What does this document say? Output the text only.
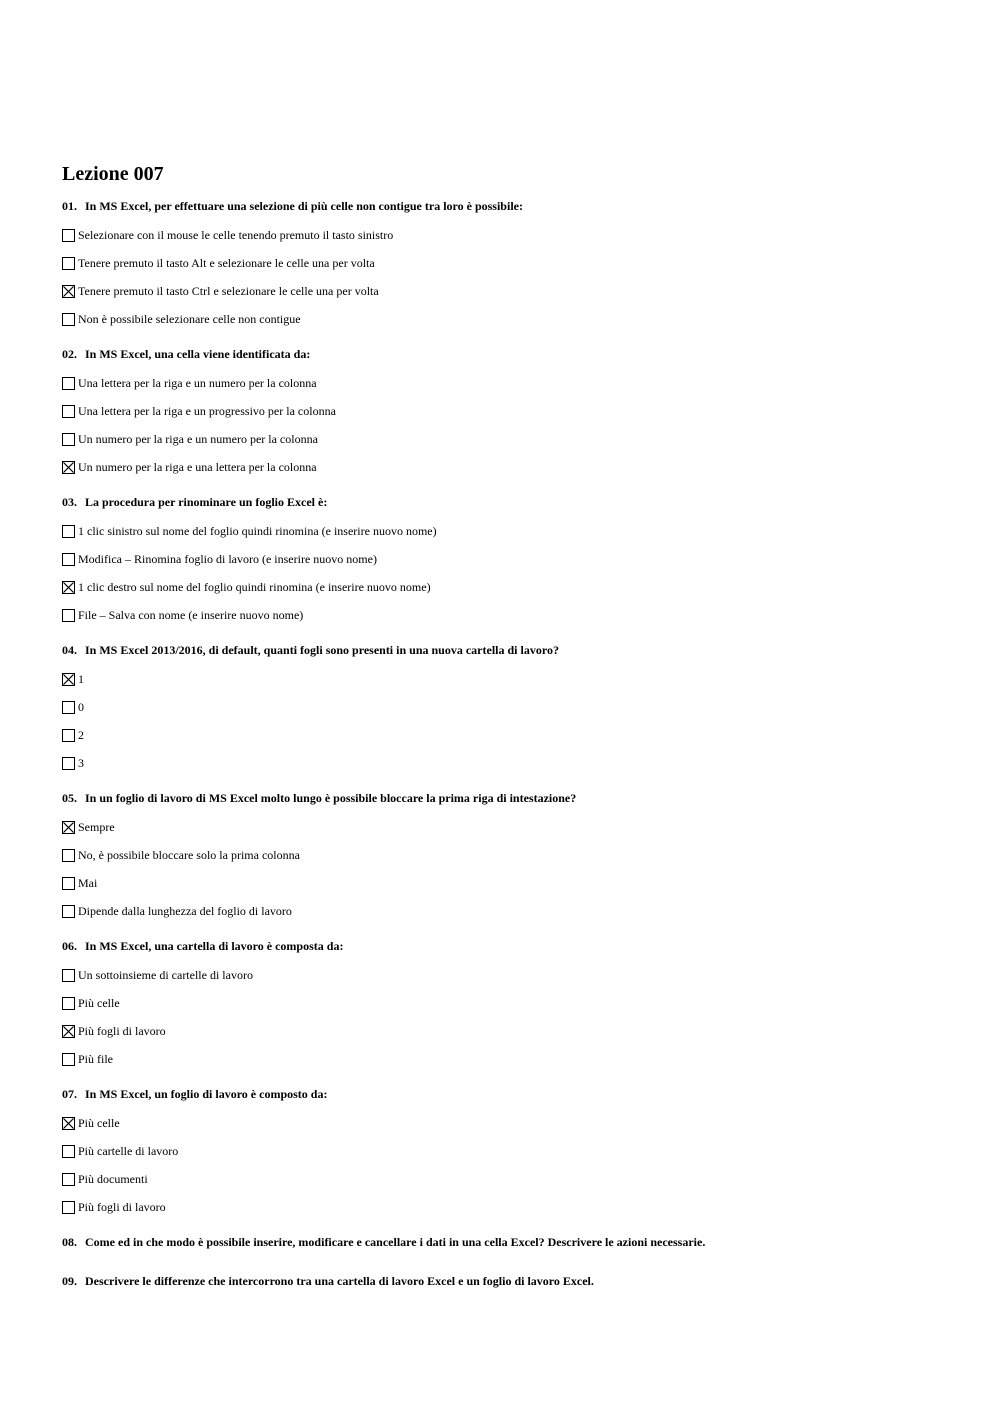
Lezione 007
01. In MS Excel, per effettuare una selezione di più celle non contigue tra loro è possibile:
Selezionare con il mouse le celle tenendo premuto il tasto sinistro
Tenere premuto il tasto Alt e selezionare le celle una per volta
Tenere premuto il tasto Ctrl e selezionare le celle una per volta
Non è possibile selezionare celle non contigue
02. In MS Excel, una cella viene identificata da:
Una lettera per la riga e un numero per la colonna
Una lettera per la riga e un progressivo per la colonna
Un numero per la riga e un numero per la colonna
Un numero per la riga e una lettera per la colonna
03. La procedura per rinominare un foglio Excel è:
1 clic sinistro sul nome del foglio quindi rinomina (e inserire nuovo nome)
Modifica – Rinomina foglio di lavoro (e inserire nuovo nome)
1 clic destro sul nome del foglio quindi rinomina (e inserire nuovo nome)
File – Salva con nome (e inserire nuovo nome)
04. In MS Excel 2013/2016, di default, quanti fogli sono presenti in una nuova cartella di lavoro?
1
0
2
3
05. In un foglio di lavoro di MS Excel molto lungo è possibile bloccare la prima riga di intestazione?
Sempre
No, è possibile bloccare solo la prima colonna
Mai
Dipende dalla lunghezza del foglio di lavoro
06. In MS Excel, una cartella di lavoro è composta da:
Un sottoinsieme di cartelle di lavoro
Più celle
Più fogli di lavoro
Più file
07. In MS Excel, un foglio di lavoro è composto da:
Più celle
Più cartelle di lavoro
Più documenti
Più fogli di lavoro
08. Come ed in che modo è possibile inserire, modificare e cancellare i dati in una cella Excel? Descrivere le azioni necessarie.
09. Descrivere le differenze che intercorrono tra una cartella di lavoro Excel e un foglio di lavoro Excel.
